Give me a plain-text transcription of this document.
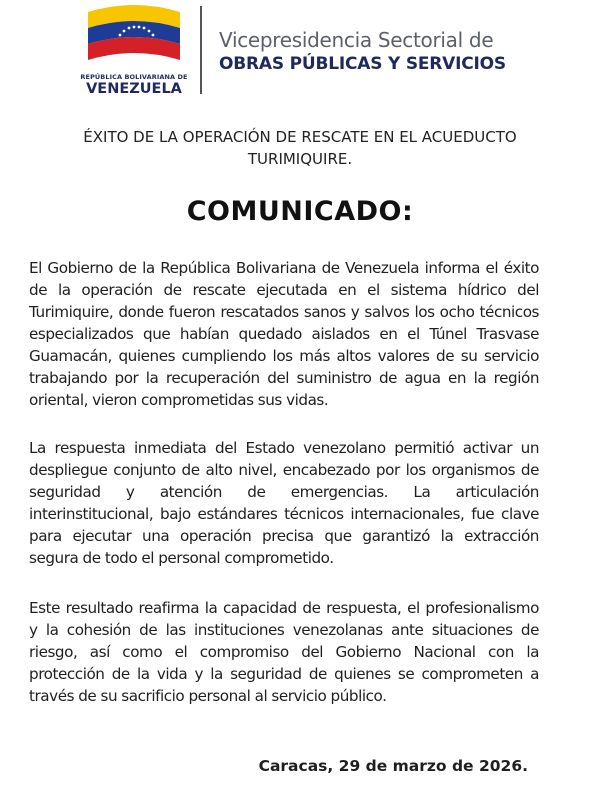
REPÚBLICA BOLIVARIANA DE
VENEZUELA
Vicepresidencia Sectorial de
OBRAS PÚBLICAS Y SERVICIOS
ÉXITO DE LA OPERACIÓN DE RESCATE EN EL ACUEDUCTO TURIMIQUIRE.
COMUNICADO:

El Gobierno de la República Bolivariana de Venezuela informa el éxito de la operación de rescate ejecutada en el sistema hídrico del Turimiquire, donde fueron rescatados sanos y salvos los ocho técnicos especializados que habían quedado aislados en el Túnel Trasvase Guamacán, quienes cumpliendo los más altos valores de su servicio trabajando por la recuperación del suministro de agua en la región oriental, vieron comprometidas sus vidas.

La respuesta inmediata del Estado venezolano permitió activar un despliegue conjunto de alto nivel, encabezado por los organismos de seguridad y atención de emergencias. La articulación interinstitucional, bajo estándares técnicos internacionales, fue clave para ejecutar una operación precisa que garantizó la extracción segura de todo el personal comprometido.

Este resultado reafirma la capacidad de respuesta, el profesionalismo y la cohesión de las instituciones venezolanas ante situaciones de riesgo, así como el compromiso del Gobierno Nacional con la protección de la vida y la seguridad de quienes se comprometen a través de su sacrificio personal al servicio público.

Caracas, 29 de marzo de 2026.
